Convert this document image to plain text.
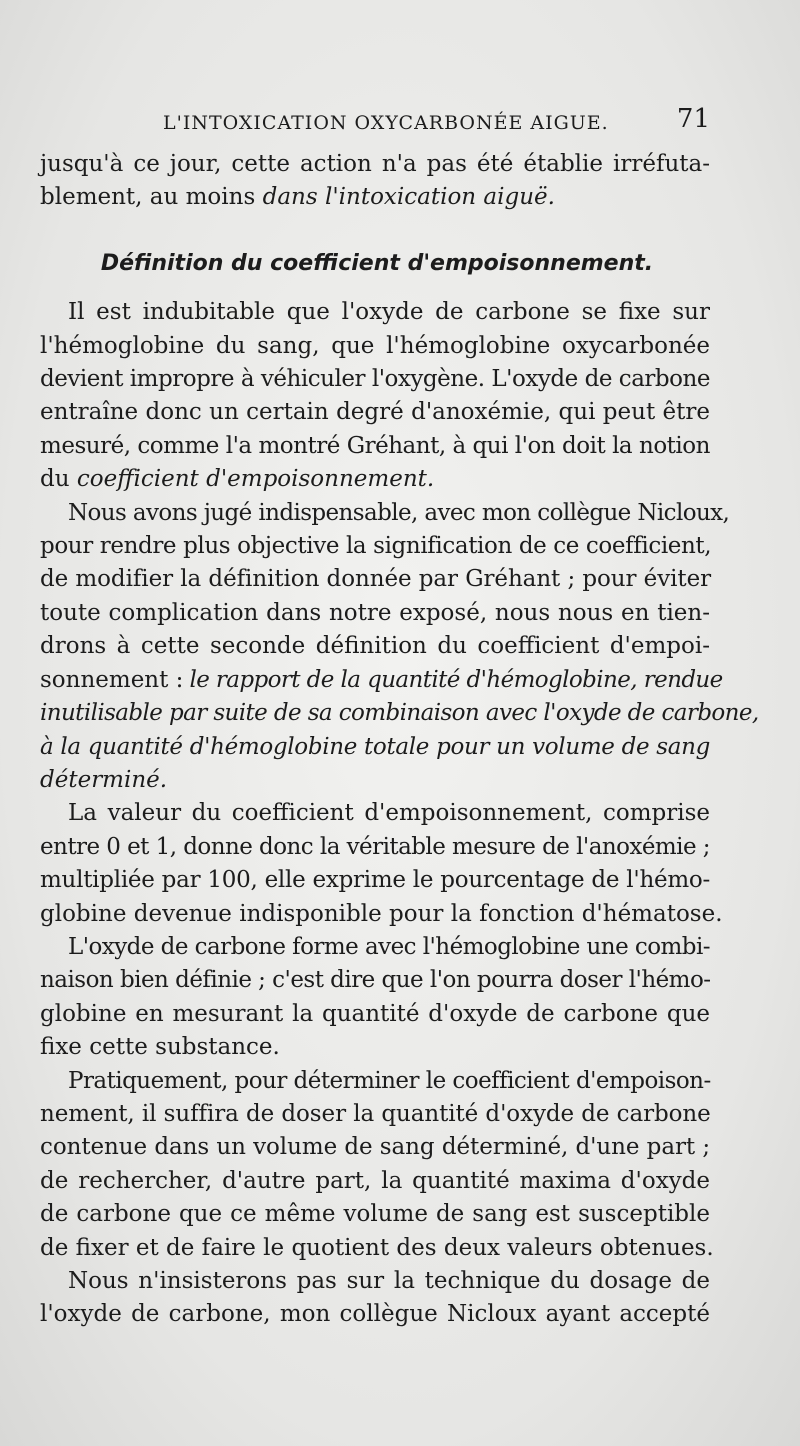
L'INTOXICATION OXYCARBONÉE AIGUE.	71
jusqu'à ce jour, cette action n'a pas été établie irréfuta-
blement, au moins dans l'intoxication aiguë.
Définition du coefficient d'empoisonnement.
Il est indubitable que l'oxyde de carbone se fixe sur
l'hémoglobine du sang, que l'hémoglobine oxycarbonée
devient impropre à véhiculer l'oxygène. L'oxyde de carbone
entraîne donc un certain degré d'anoxémie, qui peut être
mesuré, comme l'a montré Gréhant, à qui l'on doit la notion
du coefficient d'empoisonnement.
Nous avons jugé indispensable, avec mon collègue Nicloux,
pour rendre plus objective la signification de ce coefficient,
de modifier la définition donnée par Gréhant ; pour éviter
toute complication dans notre exposé, nous nous en tien-
drons à cette seconde définition du coefficient d'empoi-
sonnement : le rapport de la quantité d'hémoglobine, rendue
inutilisable par suite de sa combinaison avec l'oxyde de carbone,
à la quantité d'hémoglobine totale pour un volume de sang
déterminé.
La valeur du coefficient d'empoisonnement, comprise
entre 0 et 1, donne donc la véritable mesure de l'anoxémie ;
multipliée par 100, elle exprime le pourcentage de l'hémo-
globine devenue indisponible pour la fonction d'hématose.
L'oxyde de carbone forme avec l'hémoglobine une combi-
naison bien définie ; c'est dire que l'on pourra doser l'hémo-
globine en mesurant la quantité d'oxyde de carbone que
fixe cette substance.
Pratiquement, pour déterminer le coefficient d'empoison-
nement, il suffira de doser la quantité d'oxyde de carbone
contenue dans un volume de sang déterminé, d'une part ;
de rechercher, d'autre part, la quantité maxima d'oxyde
de carbone que ce même volume de sang est susceptible
de fixer et de faire le quotient des deux valeurs obtenues.
Nous n'insisterons pas sur la technique du dosage de
l'oxyde de carbone, mon collègue Nicloux ayant accepté
